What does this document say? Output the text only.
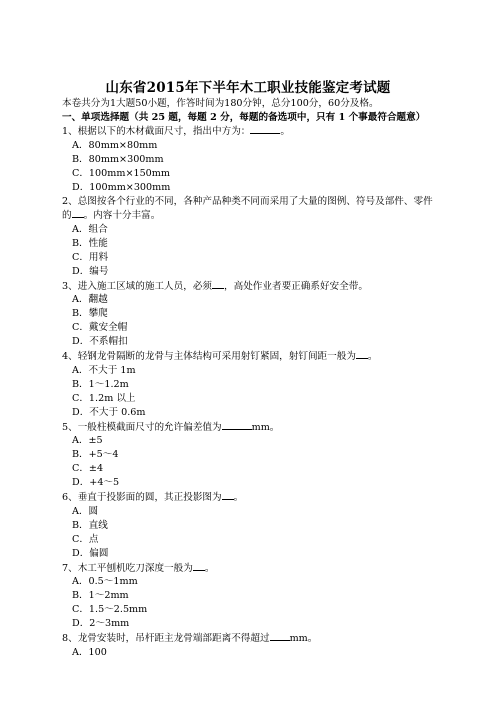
山东省2015年下半年木工职业技能鉴定考试题
本卷共分为1大题50小题，作答时间为180分钟，总分100分，60分及格。
一、单项选择题（共 25 题，每题 2 分，每题的备选项中，只有 1 个事最符合题意）
1、根据以下的木材截面尺寸，指出中方为：	。
A．80mm×80mm
B．80mm×300mm
C．100mm×150mm
D．100mm×300mm
2、总图按各个行业的不同，各种产品种类不同而采用了大量的图例、符号及部件、零件的 。内容十分丰富。
A．组合
B．性能
C．用料
D．编号
3、进入施工区域的施工人员，必须 ，高处作业者要正确系好安全带。
A．翻越
B．攀爬
C．戴安全帽
D．不系帽扣
4、轻钢龙骨隔断的龙骨与主体结构可采用射钉紧固，射钉间距一般为 。
A．不大于 1m
B．1～1.2m
C．1.2m 以上
D．不大于 0.6m
5、一般柱模截面尺寸的允许偏差值为	mm。
A．±5
B．+5～4
C．±4
D．+4～5
6、垂直于投影面的圆，其正投影图为 。
A．圆
B．直线
C．点
D．偏圆
7、木工平刨机吃刀深度一般为 。
A．0.5～1mm
B．1～2mm
C．1.5～2.5mm
D．2～3mm
8、龙骨安装时，吊杆距主龙骨端部距离不得超过 mm。
A．100
